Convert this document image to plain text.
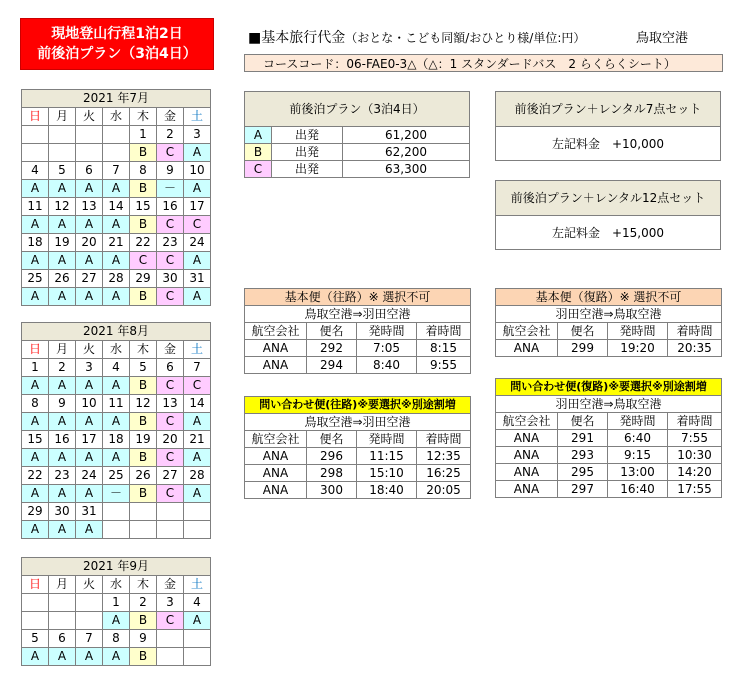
現地登山行程1泊2日
前後泊プラン（3泊4日）
■基本旅行代金（おとな・こども同額/おひとり様/単位:円）	鳥取空港
コースコード：06-FAE0-3△（△：1 スタンダードバス　2 らくらくシート）
2021 年7月						
日	月	火	水	木	金	土
				1	2	3
				B	C	A
4	5	6	7	8	9	10
A	A	A	A	B	－	A
11	12	13	14	15	16	17
A	A	A	A	B	C	C
18	19	20	21	22	23	24
A	A	A	A	C	C	A
25	26	27	28	29	30	31
A	A	A	A	B	C	A
2021 年8月						
日	月	火	水	木	金	土
1	2	3	4	5	6	7
A	A	A	A	B	C	C
8	9	10	11	12	13	14
A	A	A	A	B	C	A
15	16	17	18	19	20	21
A	A	A	A	B	C	A
22	23	24	25	26	27	28
A	A	A	－	B	C	A
29	30	31				
A	A	A				
2021 年9月						
日	月	火	水	木	金	土
			1	2	3	4
			A	B	C	A
5	6	7	8	9		
A	A	A	A	B		
前後泊プラン（3泊4日）		
A	出発	61,200
B	出発	62,200
C	出発	63,300
前後泊プラン＋レンタル7点セット
左記料金　+10,000
前後泊プラン＋レンタル12点セット
左記料金　+15,000
基本便（往路）※ 選択不可			
鳥取空港⇒羽田空港			
航空会社	便名	発時間	着時間
ANA	292	7:05	8:15
ANA	294	8:40	9:55
基本便（復路）※ 選択不可			
羽田空港⇒鳥取空港			
航空会社	便名	発時間	着時間
ANA	299	19:20	20:35
問い合わせ便(往路)※要選択※別途割増			
鳥取空港⇒羽田空港			
航空会社	便名	発時間	着時間
ANA	296	11:15	12:35
ANA	298	15:10	16:25
ANA	300	18:40	20:05
問い合わせ便(復路)※要選択※別途割増			
羽田空港⇒鳥取空港			
航空会社	便名	発時間	着時間
ANA	291	6:40	7:55
ANA	293	9:15	10:30
ANA	295	13:00	14:20
ANA	297	16:40	17:55
